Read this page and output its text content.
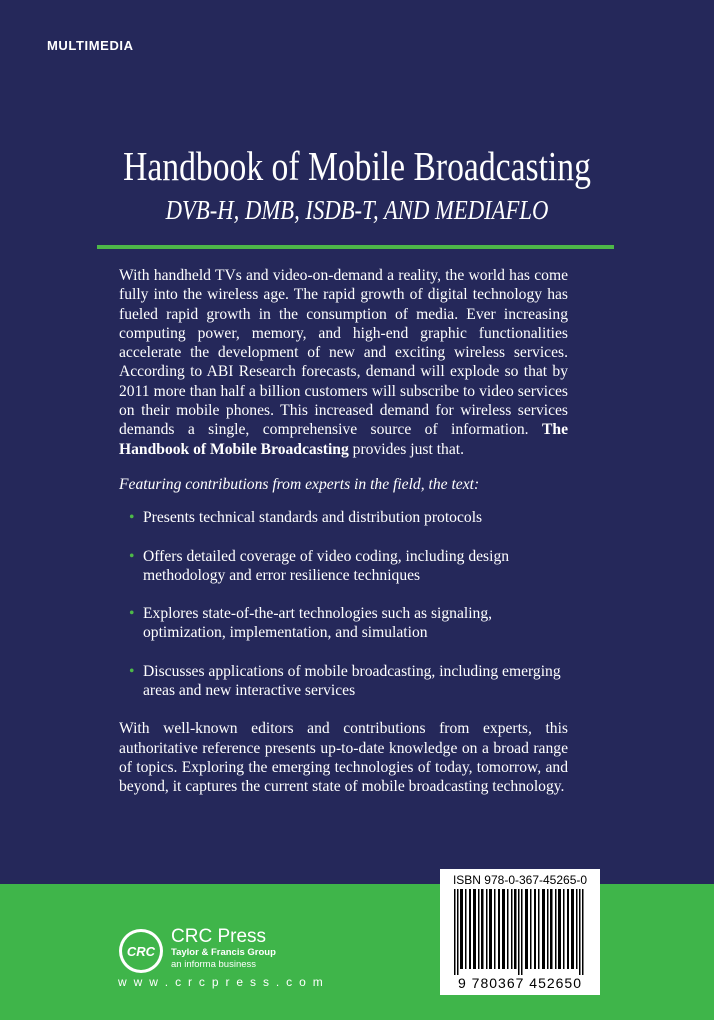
MULTIMEDIA
Handbook of Mobile Broadcasting
DVB-H, DMB, ISDB-T, AND MEDIAFLO

With handheld TVs and video-on-demand a reality, the world has come fully into the wireless age. The rapid growth of digital technology has fueled rapid growth in the consumption of media. Ever increasing computing power, memory, and high-end graphic functionalities accelerate the development of new and exciting wireless services. According to ABI Research forecasts, demand will explode so that by 2011 more than half a billion customers will subscribe to video services on their mobile phones. This increased demand for wireless services demands a single, comprehensive source of information. The Handbook of Mobile Broadcasting provides just that.

Featuring contributions from experts in the field, the text:

• Presents technical standards and distribution protocols
• Offers detailed coverage of video coding, including design methodology and error resilience techniques
• Explores state-of-the-art technologies such as signaling, optimization, implementation, and simulation
• Discusses applications of mobile broadcasting, including emerging areas and new interactive services

With well-known editors and contributions from experts, this authoritative reference presents up-to-date knowledge on a broad range of topics. Exploring the emerging technologies of today, tomorrow, and beyond, it captures the current state of mobile broadcasting technology.

CRC
CRC Press
Taylor & Francis Group
an informa business
w w w . c r c p r e s s . c o m
ISBN 978-0-367-45265-0
9 780367 452650
